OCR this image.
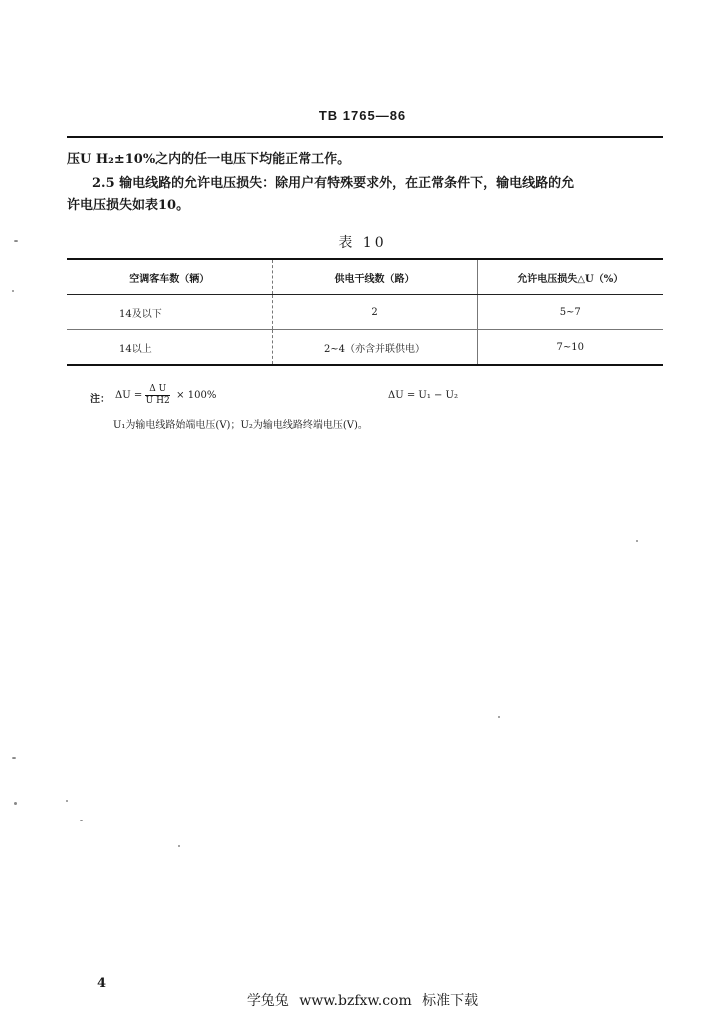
TB 1765—86
压U H₂±10%之内的任一电压下均能正常工作。
2.5 输电线路的允许电压损失：除用户有特殊要求外，在正常条件下，输电线路的允
许电压损失如表10。
表 10
空调客车数（辆）	供电干线数（路）	允许电压损失△U（%）
14及以下	2	5~7
14以上	2~4（亦含并联供电）	7~10
注： $\Delta U = \frac{\text{Δ U}}{\text{U H2}} \times 100\%$	ΔU = U₁ − U₂
U₁为输电线路始端电压(V)；U₂为输电线路终端电压(V)。
4
学兔兔 www.bzfxw.com 标准下载
